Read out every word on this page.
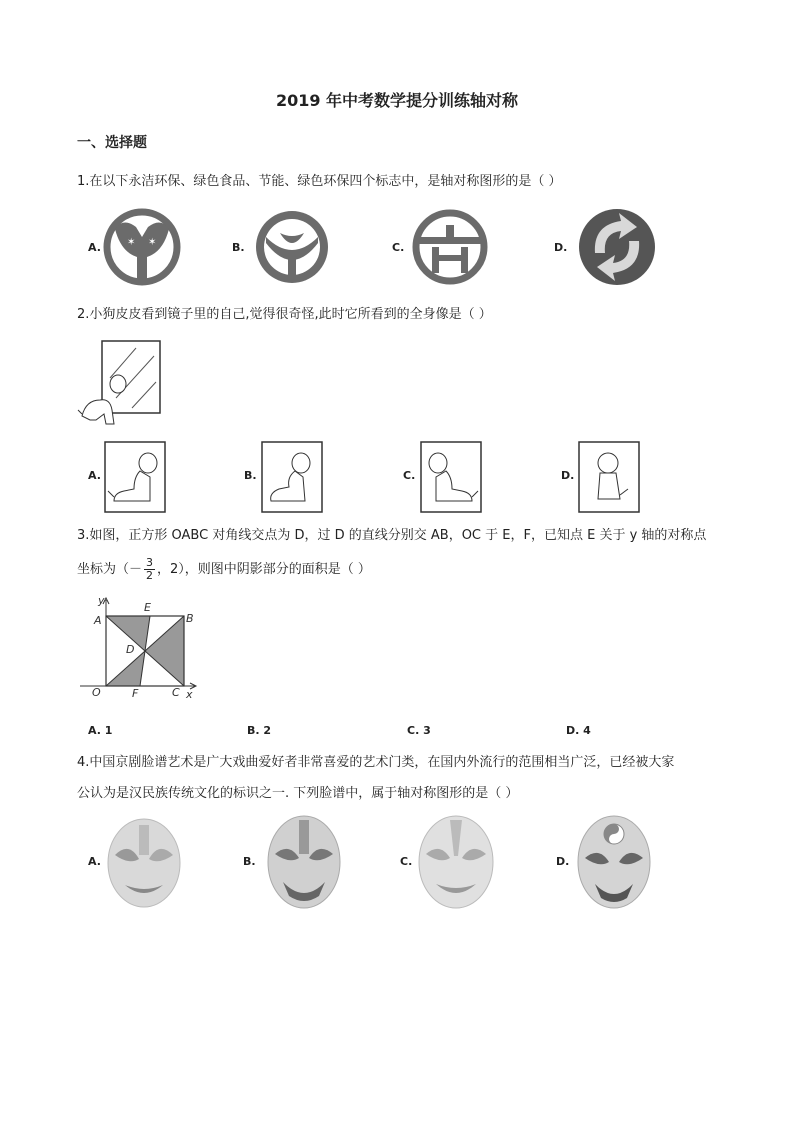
2019 年中考数学提分训练轴对称
一、选择题
1.在以下永洁环保、绿色食品、节能、绿色环保四个标志中，是轴对称图形的是（ ）
A.	✶ ✶	B.	C.	D.
2.小狗皮皮看到镜子里的自己,觉得很奇怪,此时它所看到的全身像是（ ）
A.	B.	C.	D.
3.如图，正方形 OABC 对角线交点为 D，过 D 的直线分别交 AB，OC 于 E，F，已知点 E 关于 y 轴的对称点
坐标为（－ $\frac{3}{2}$ ，2），则图中阴影部分的面积是（ ）
y
x
A	B
C
D
E
F
O
A. 1	B. 2	C. 3	D. 4
4.中国京剧脸谱艺术是广大戏曲爱好者非常喜爱的艺术门类，在国内外流行的范围相当广泛，已经被大家
公认为是汉民族传统文化的标识之一. 下列脸谱中，属于轴对称图形的是（ ）
A.	B.	C.	D.
